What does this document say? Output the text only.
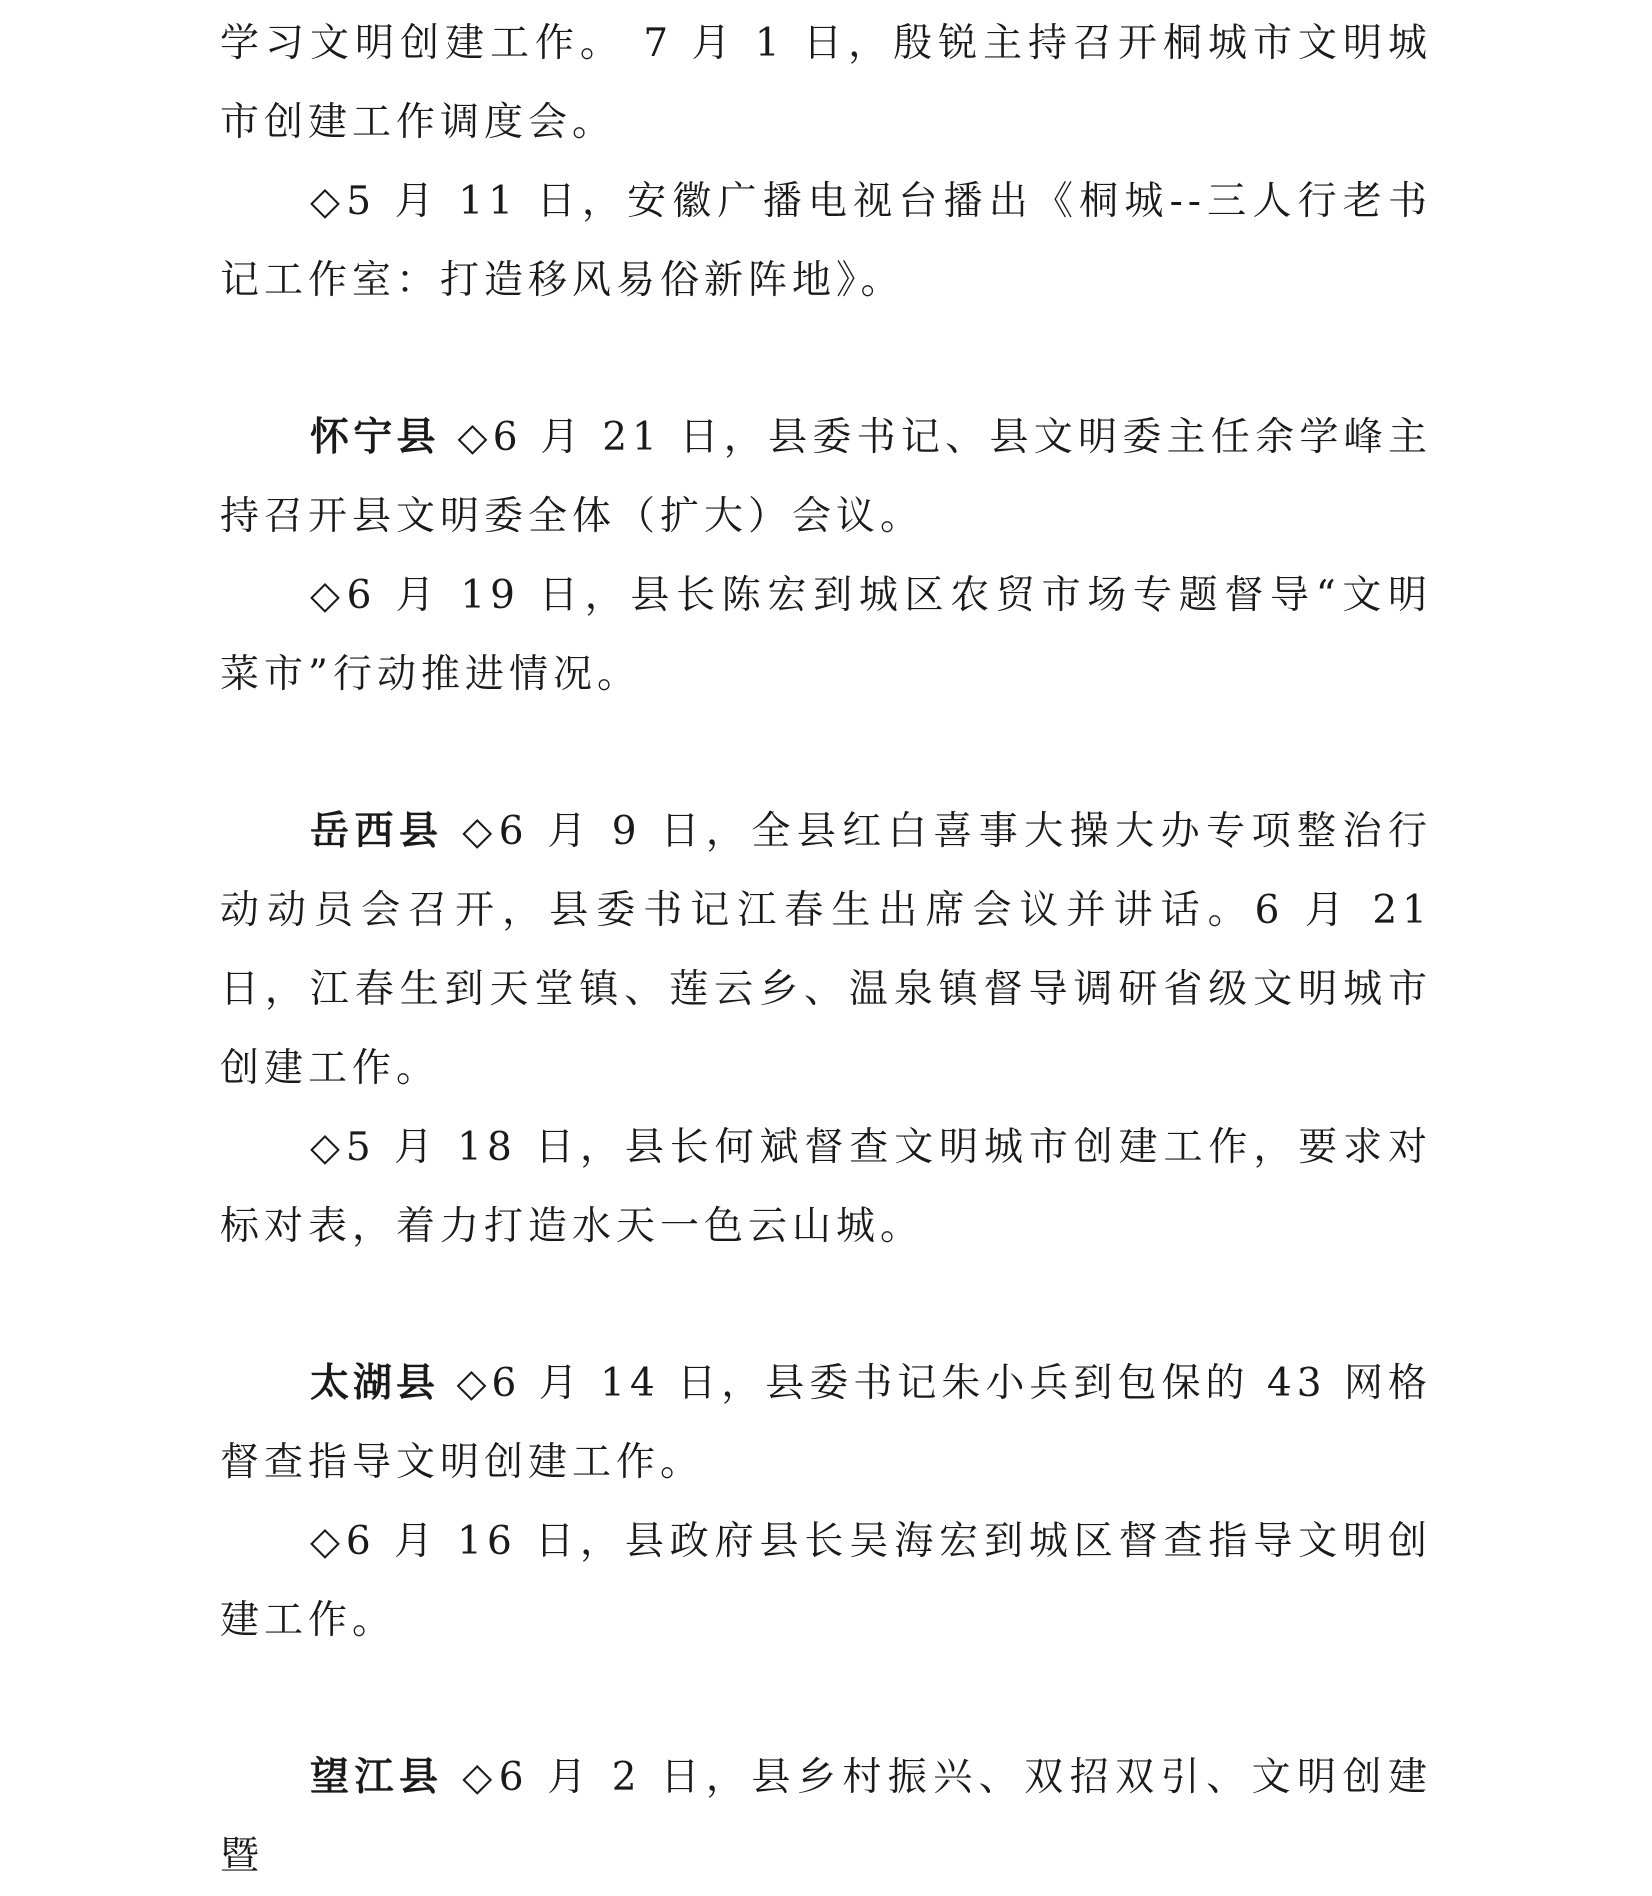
学习文明创建工作。 7 月 1 日，殷锐主持召开桐城市文明城市创建工作调度会。

◇5 月 11 日，安徽广播电视台播出《桐城--三人行老书记工作室：打造移风易俗新阵地》。

怀宁县 ◇6 月 21 日，县委书记、县文明委主任余学峰主持召开县文明委全体（扩大）会议。

◇6 月 19 日，县长陈宏到城区农贸市场专题督导“文明菜市”行动推进情况。

岳西县 ◇6 月 9 日，全县红白喜事大操大办专项整治行动动员会召开，县委书记江春生出席会议并讲话。6 月 21 日，江春生到天堂镇、莲云乡、温泉镇督导调研省级文明城市创建工作。

◇5 月 18 日，县长何斌督查文明城市创建工作，要求对标对表，着力打造水天一色云山城。

太湖县 ◇6 月 14 日，县委书记朱小兵到包保的 43 网格督查指导文明创建工作。

◇6 月 16 日，县政府县长吴海宏到城区督查指导文明创建工作。

望江县 ◇6 月 2 日，县乡村振兴、双招双引、文明创建暨
